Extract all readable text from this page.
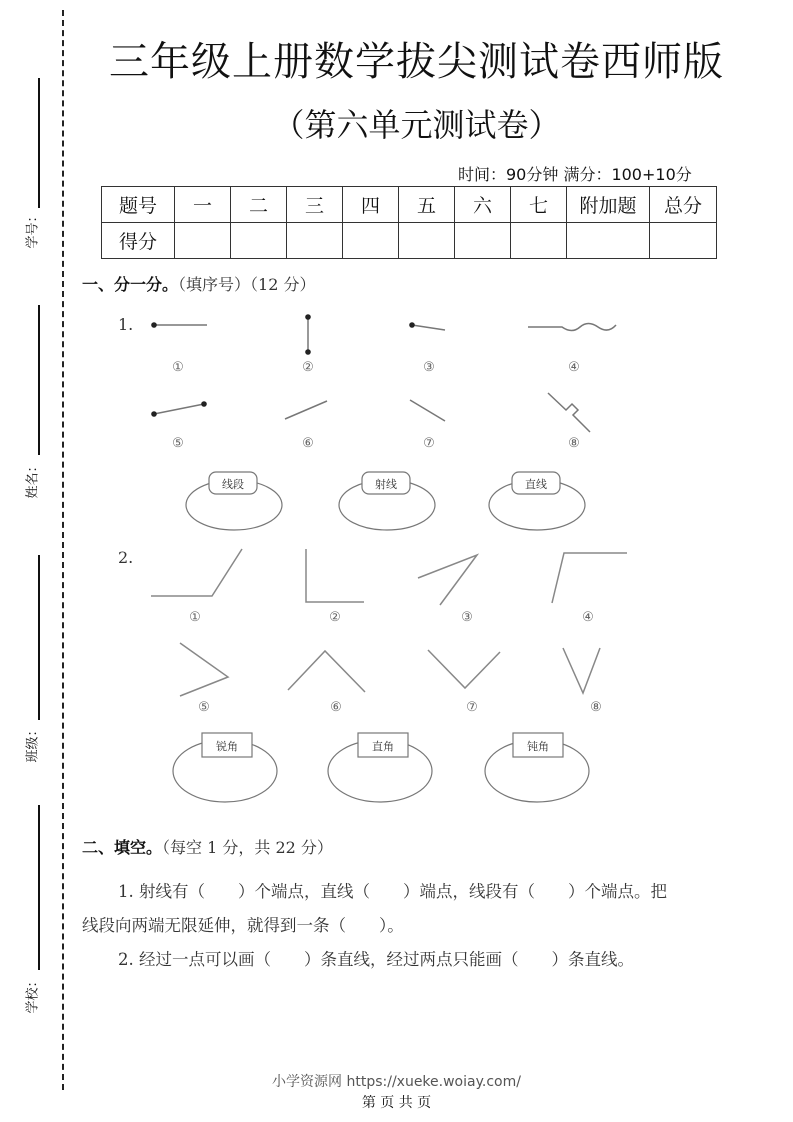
学号：
姓名：
班级：
学校：
三年级上册数学拔尖测试卷西师版
（第六单元测试卷）
时间：90分钟 满分：100+10分
题号	一	二	三	四	五	六	七	附加题	总分
得分									
一、分一分。（填序号）（12 分）
1.
①	②	③	④
⑤	⑥	⑦	⑧
线段	射线	直线
2.
①	②	③	④
⑤	⑥	⑦	⑧
锐角	直角	钝角
二、填空。（每空 1 分，共 22 分）
1. 射线有（　　）个端点，直线（　　）端点，线段有（　　）个端点。把
线段向两端无限延伸，就得到一条（　　）。
2. 经过一点可以画（　　）条直线，经过两点只能画（　　）条直线。
小学资源网 https://xueke.woiay.com/
第 页 共 页
